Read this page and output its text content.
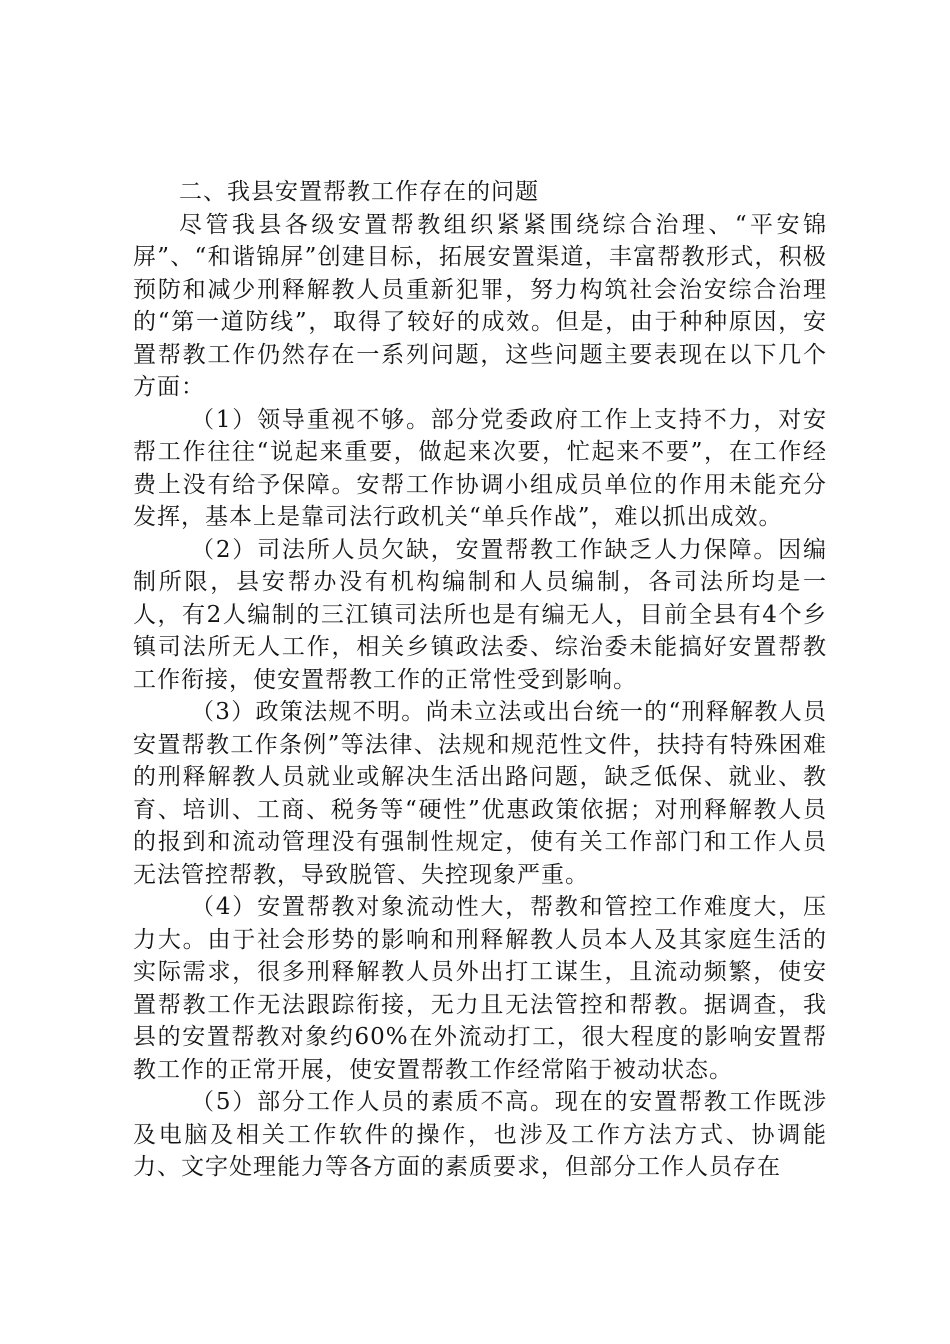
二、我县安置帮教工作存在的问题

尽管我县各级安置帮教组织紧紧围绕综合治理、“平安锦屏”、“和谐锦屏”创建目标，拓展安置渠道，丰富帮教形式，积极预防和减少刑释解教人员重新犯罪，努力构筑社会治安综合治理的“第一道防线”，取得了较好的成效。但是，由于种种原因，安置帮教工作仍然存在一系列问题，这些问题主要表现在以下几个方面：

（1）领导重视不够。部分党委政府工作上支持不力，对安帮工作往往“说起来重要，做起来次要，忙起来不要”，在工作经费上没有给予保障。安帮工作协调小组成员单位的作用未能充分发挥，基本上是靠司法行政机关“单兵作战”，难以抓出成效。

（2）司法所人员欠缺，安置帮教工作缺乏人力保障。因编制所限，县安帮办没有机构编制和人员编制，各司法所均是一人，有2人编制的三江镇司法所也是有编无人，目前全县有4个乡镇司法所无人工作，相关乡镇政法委、综治委未能搞好安置帮教工作衔接，使安置帮教工作的正常性受到影响。

（3）政策法规不明。尚未立法或出台统一的“刑释解教人员安置帮教工作条例”等法律、法规和规范性文件，扶持有特殊困难的刑释解教人员就业或解决生活出路问题，缺乏低保、就业、教育、培训、工商、税务等“硬性”优惠政策依据；对刑释解教人员的报到和流动管理没有强制性规定，使有关工作部门和工作人员无法管控帮教，导致脱管、失控现象严重。

（4）安置帮教对象流动性大，帮教和管控工作难度大，压力大。由于社会形势的影响和刑释解教人员本人及其家庭生活的实际需求，很多刑释解教人员外出打工谋生，且流动频繁，使安置帮教工作无法跟踪衔接，无力且无法管控和帮教。据调查，我县的安置帮教对象约60%在外流动打工，很大程度的影响安置帮教工作的正常开展，使安置帮教工作经常陷于被动状态。

（5）部分工作人员的素质不高。现在的安置帮教工作既涉及电脑及相关工作软件的操作，也涉及工作方法方式、协调能力、文字处理能力等各方面的素质要求，但部分工作人员存在
